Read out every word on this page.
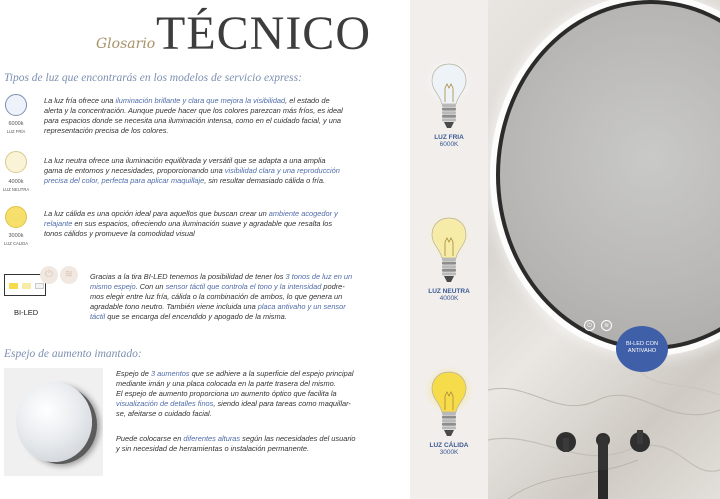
Glosario TÉCNICO
Tipos de luz que encontrarás en los modelos de servicio express:
6000k
LUZ FRÍA
La luz fría ofrece una iluminación brillante y clara que mejora la visibilidad, el estado de
alerta y la concentración. Aunque puede hacer que los colores parezcan más fríos, es ideal
para espacios donde se necesita una iluminación intensa, como en el cuidado facial, y una
representación precisa de los colores.
4000k
LUZ NEUTRA
La luz neutra ofrece una iluminación equilibrada y versátil que se adapta a una amplia
gama de entornos y necesidades, proporcionando una visibilidad clara y una reproducción
precisa del color, perfecta para aplicar maquillaje, sin resultar demasiado cálida o fría.
3000k
LUZ CALIDA
La luz cálida es una opción ideal para aquellos que buscan crear un ambiente acogedor y
relajante en sus espacios, ofreciendo una iluminación suave y agradable que resalta los
tonos cálidos y promueve la comodidad visual
⏻	≋
BI-LED
Gracias a la tira BI-LED tenemos la posibilidad de tener los 3 tonos de luz en un
mismo espejo. Con un sensor táctil que controla el tono y la intensidad podre-
mos elegir entre luz fría, cálida o la combinación de ambos, lo que genera un
agradable tono neutro. También viene incluida una placa antivaho y un sensor
táctil que se encarga del encendido y apogado de la misma.
Espejo de aumento imantado:
Espejo de 3 aumentos que se adhiere a la superficie del espejo principal
mediante imán y una placa colocada en la parte trasera del mismo.
El espejo de aumento proporciona un aumento óptico que facilita la
visualización de detalles finos, siendo ideal para tareas como maquillar-
se, afeitarse o cuidado facial.
Puede colocarse en diferentes alturas según las necesidades del usuario
y sin necesidad de herramientas o instalación permanente.
LUZ FRIA
6000K
LUZ NEUTRA
4000K
LUZ CÁLIDA
3000K
⏻ ≋
BI-LED CON
ANTIVAHO
